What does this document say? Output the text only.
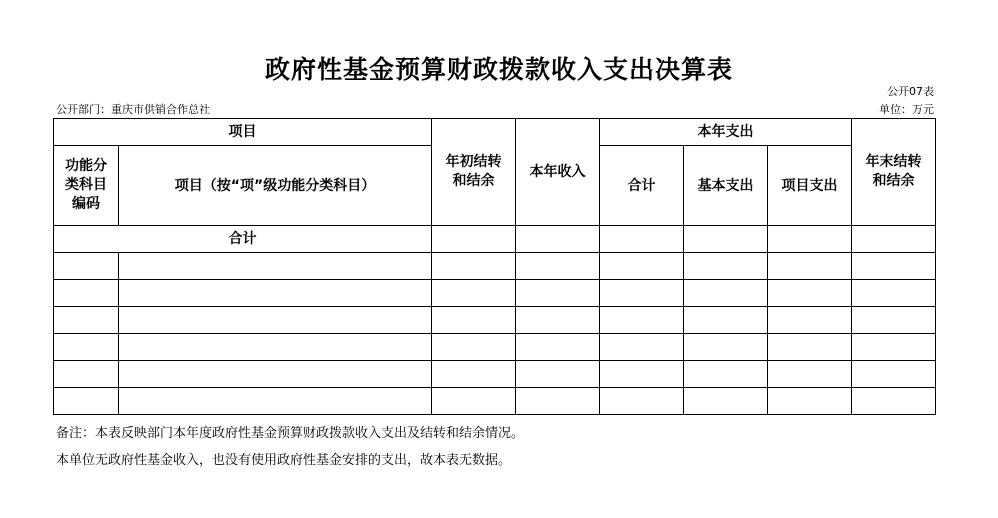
政府性基金预算财政拨款收入支出决算表
公开07表
公开部门：重庆市供销合作总社	单位：万元
项目		年初结转和结余	本年收入	本年支出			年末结转和结余
功能分类科目编码	项目（按“项”级功能分类科目）			合计	基本支出	项目支出	
合计							

备注：本表反映部门本年度政府性基金预算财政拨款收入支出及结转和结余情况。
本单位无政府性基金收入，也没有使用政府性基金安排的支出，故本表无数据。
